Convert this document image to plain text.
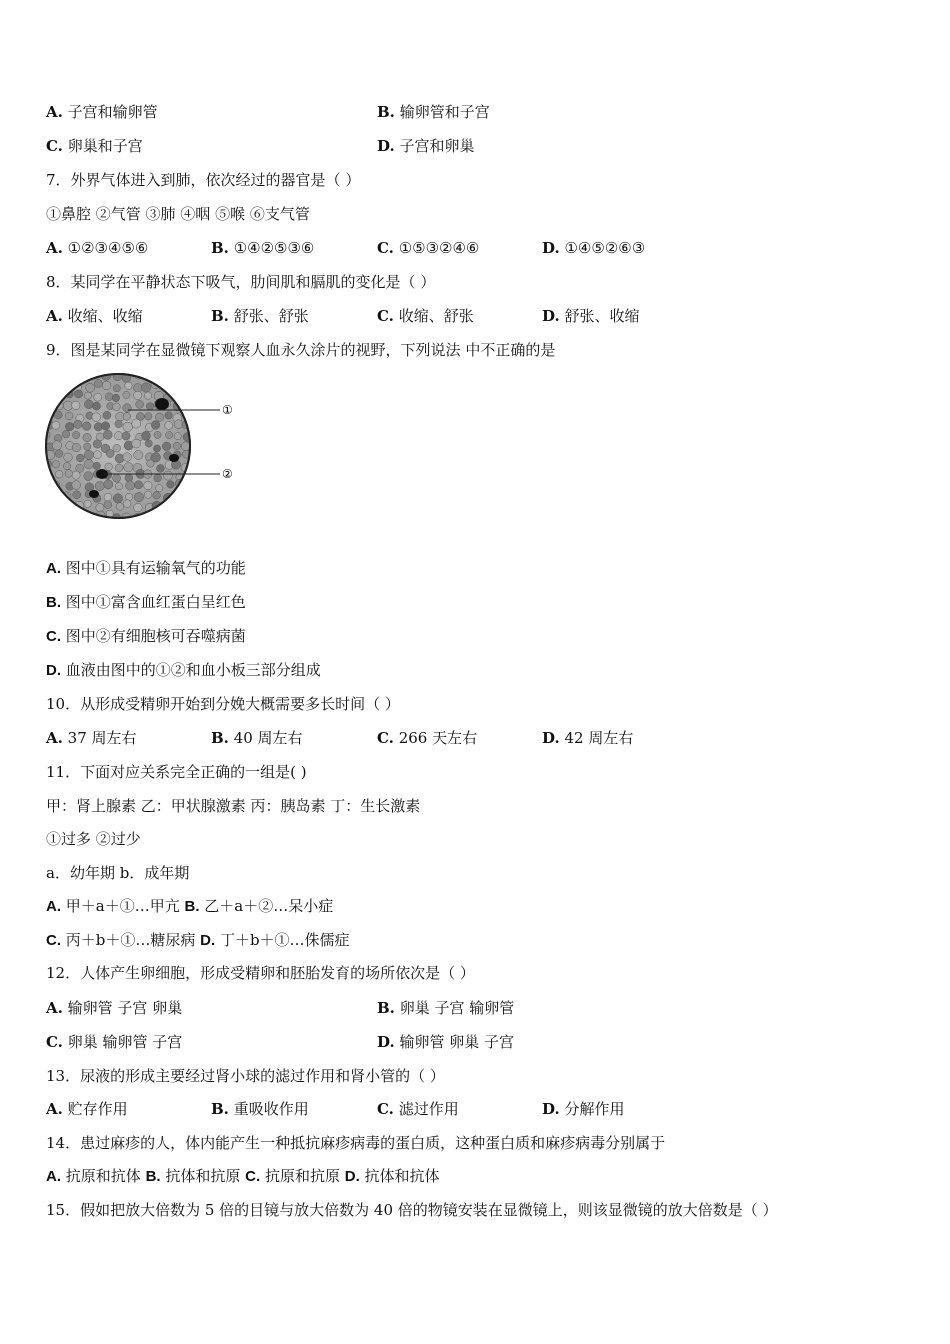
A. 子宫和输卵管	B. 输卵管和子宫
C. 卵巢和子宫	D. 子宫和卵巢
7．外界气体进入到肺，依次经过的器官是（ ）
①鼻腔 ②气管 ③肺 ④咽 ⑤喉 ⑥支气管
A. ①②③④⑤⑥	B. ①④②⑤③⑥	C. ①⑤③②④⑥	D. ①④⑤②⑥③
8．某同学在平静状态下吸气，肋间肌和膈肌的变化是（ ）
A. 收缩、收缩	B. 舒张、舒张	C. 收缩、舒张	D. 舒张、收缩
9．图是某同学在显微镜下观察人血永久涂片的视野，下列说法 中不正确的是
①
②
A. 图中①具有运输氧气的功能
B. 图中①富含血红蛋白呈红色
C. 图中②有细胞核可吞噬病菌
D. 血液由图中的①②和血小板三部分组成
10．从形成受精卵开始到分娩大概需要多长时间（ ）
A. 37 周左右	B. 40 周左右	C. 266 天左右	D. 42 周左右
11．下面对应关系完全正确的一组是( )
甲：肾上腺素 乙：甲状腺激素 丙：胰岛素 丁：生长激素
①过多 ②过少
a．幼年期 b．成年期
A. 甲＋a＋①…甲亢 B. 乙＋a＋②…呆小症
C. 丙＋b＋①…糖尿病 D. 丁＋b＋①…侏儒症
12．人体产生卵细胞，形成受精卵和胚胎发育的场所依次是（ ）
A. 输卵管 子宫 卵巢	B. 卵巢 子宫 输卵管
C. 卵巢 输卵管 子宫	D. 输卵管 卵巢 子宫
13．尿液的形成主要经过肾小球的滤过作用和肾小管的（ ）
A. 贮存作用	B. 重吸收作用	C. 滤过作用	D. 分解作用
14．患过麻疹的人，体内能产生一种抵抗麻疹病毒的蛋白质，这种蛋白质和麻疹病毒分别属于
A. 抗原和抗体 B. 抗体和抗原 C. 抗原和抗原 D. 抗体和抗体
15．假如把放大倍数为 5 倍的目镜与放大倍数为 40 倍的物镜安装在显微镜上，则该显微镜的放大倍数是（ ）
